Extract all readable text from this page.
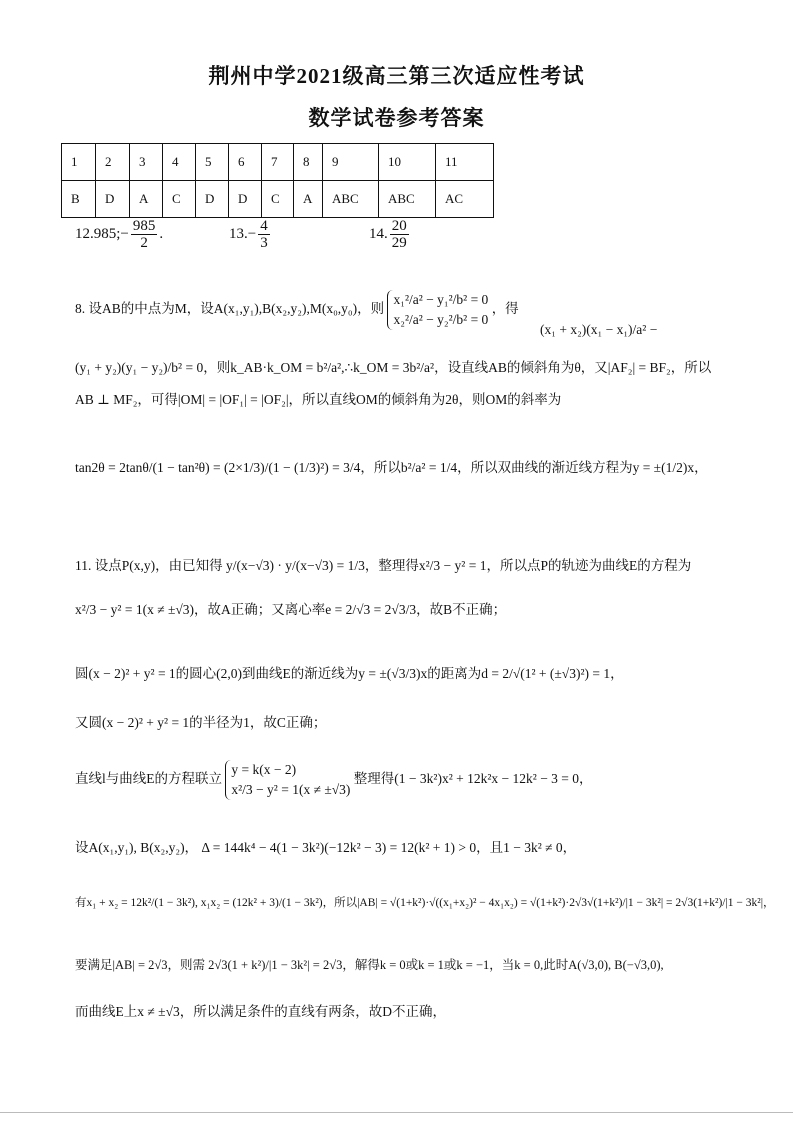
荆州中学2021级高三第三次适应性考试
数学试卷参考答案
1	2	3	4	5	6	7	8	9	10	11
B	D	A	C	D	D	C	A	ABC	ABC	AC
12.985;− $\frac{985}{2}$ .	$13.- \frac{4}{3}$	14. $\frac{20}{29}$
8. 设AB的中点为M，设A(x₁,y₁),B(x₂,y₂),M(x₀,y₀)，则
x₁²/a² − y₁²/b² = 0
x₂²/a² − y₂²/b² = 0
，得
(x₁ + x₂)(x₁ − x₁)/a² −
(y₁ + y₂)(y₁ − y₂)/b² = 0，则k_AB·k_OM = b²/a²,∴k_OM = 3b²/a²，设直线AB的倾斜角为θ，又|AF₂| = BF₂，所以
AB ⊥ MF₂，可得|OM| = |OF₁| = |OF₂|，所以直线OM的倾斜角为2θ，则OM的斜率为
tan2θ = 2tanθ/(1 − tan²θ) = (2×1/3)/(1 − (1/3)²) = 3/4，所以b²/a² = 1/4，所以双曲线的渐近线方程为y = ±(1/2)x，
11. 设点P(x,y)，由已知得 y/(x−√3) · y/(x−√3) = 1/3，整理得x²/3 − y² = 1，所以点P的轨迹为曲线E的方程为
x²/3 − y² = 1(x ≠ ±√3)，故A正确；又离心率e = 2/√3 = 2√3/3，故B不正确；
圆(x − 2)² + y² = 1的圆心(2,0)到曲线E的渐近线为y = ±(√3/3)x的距离为d = 2/√(1² + (±√3)²) = 1，
又圆(x − 2)² + y² = 1的半径为1，故C正确；
直线l与曲线E的方程联立
y = k(x − 2)
x²/3 − y² = 1(x ≠ ±√3)
整理得(1 − 3k²)x² + 12k²x − 12k² − 3 = 0，
设A(x₁,y₁), B(x₂,y₂)， Δ = 144k⁴ − 4(1 − 3k²)(−12k² − 3) = 12(k² + 1) > 0，且1 − 3k² ≠ 0，
有x₁ + x₂ = 12k²/(1 − 3k²), x₁x₂ = (12k² + 3)/(1 − 3k²)，所以|AB| = √(1+k²)·√((x₁+x₂)² − 4x₁x₂) = √(1+k²)·2√3√(1+k²)/|1 − 3k²| = 2√3(1+k²)/|1 − 3k²|，
要满足|AB| = 2√3，则需 2√3(1 + k²)/|1 − 3k²| = 2√3，解得k = 0或k = 1或k = −1，当k = 0,此时A(√3,0), B(−√3,0),
而曲线E上x ≠ ±√3，所以满足条件的直线有两条，故D不正确，
